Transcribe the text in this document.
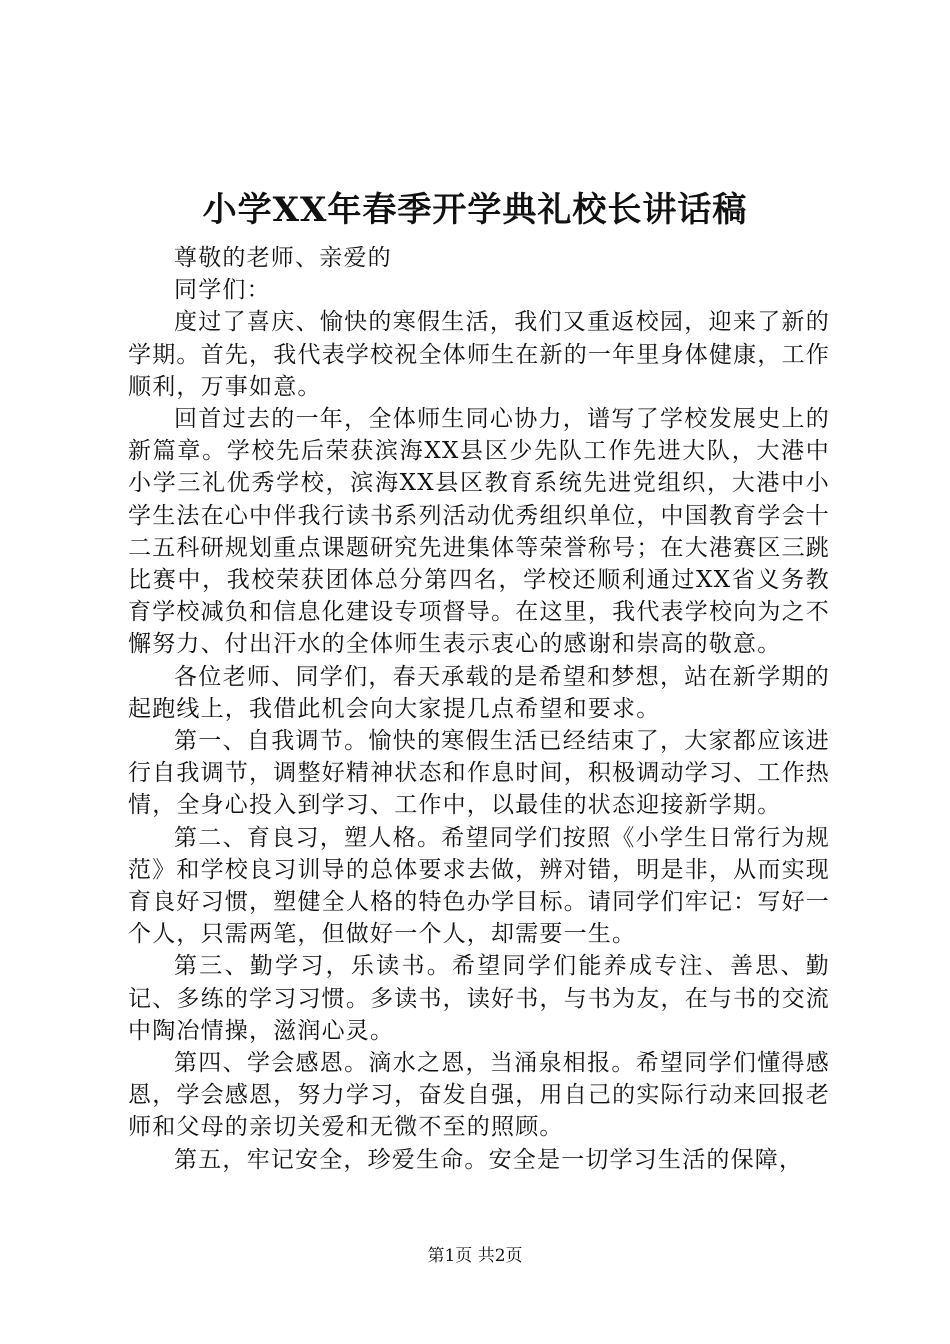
小学XX年春季开学典礼校长讲话稿

尊敬的老师、亲爱的

同学们：

度过了喜庆、愉快的寒假生活，我们又重返校园，迎来了新的学期。首先，我代表学校祝全体师生在新的一年里身体健康，工作顺利，万事如意。

回首过去的一年，全体师生同心协力，谱写了学校发展史上的新篇章。学校先后荣获滨海XX县区少先队工作先进大队，大港中小学三礼优秀学校，滨海XX县区教育系统先进党组织，大港中小学生法在心中伴我行读书系列活动优秀组织单位，中国教育学会十二五科研规划重点课题研究先进集体等荣誉称号；在大港赛区三跳比赛中，我校荣获团体总分第四名，学校还顺利通过XX省义务教育学校减负和信息化建设专项督导。在这里，我代表学校向为之不懈努力、付出汗水的全体师生表示衷心的感谢和崇高的敬意。

各位老师、同学们，春天承载的是希望和梦想，站在新学期的起跑线上，我借此机会向大家提几点希望和要求。

第一、自我调节。愉快的寒假生活已经结束了，大家都应该进行自我调节，调整好精神状态和作息时间，积极调动学习、工作热情，全身心投入到学习、工作中，以最佳的状态迎接新学期。

第二、育良习，塑人格。希望同学们按照《小学生日常行为规范》和学校良习训导的总体要求去做，辨对错，明是非，从而实现育良好习惯，塑健全人格的特色办学目标。请同学们牢记：写好一个人，只需两笔，但做好一个人，却需要一生。

第三、勤学习，乐读书。希望同学们能养成专注、善思、勤记、多练的学习习惯。多读书，读好书，与书为友，在与书的交流中陶冶情操，滋润心灵。

第四、学会感恩。滴水之恩，当涌泉相报。希望同学们懂得感恩，学会感恩，努力学习，奋发自强，用自己的实际行动来回报老师和父母的亲切关爱和无微不至的照顾。

第五，牢记安全，珍爱生命。安全是一切学习生活的保障，

第1页 共2页
